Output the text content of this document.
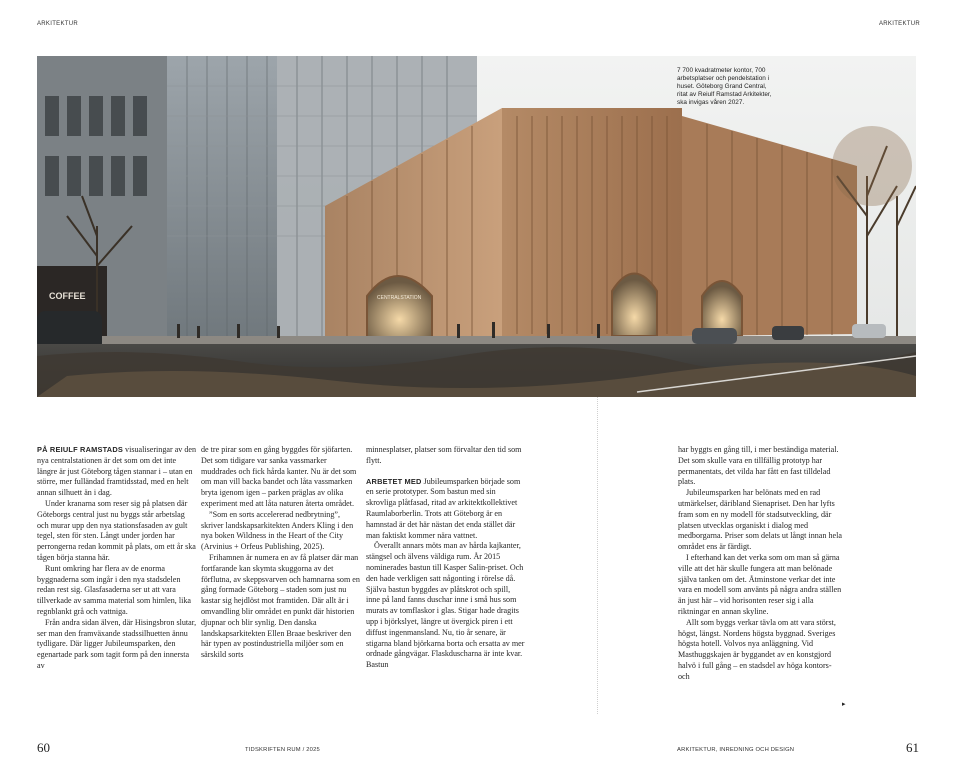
ARKITEKTUR	ARKITEKTUR
COFFEE	CENTRALSTATION
7 700 kvadratmeter kontor, 700 arbetsplatser och pendelstation i huset. Göteborg Grand Central, ritat av Reiulf Ramstad Arkitekter, ska invigas våren 2027.

PÅ REIULF RAMSTADS visualiseringar av den nya centralstationen är det som om det inte längre är just Göteborg tågen stannar i – utan en större, mer fulländad framtidsstad, med en helt annan silhuett än i dag.

Under kranarna som reser sig på platsen där Göteborgs central just nu byggs står arbetslag och murar upp den nya stationsfasaden av gult tegel, sten för sten. Långt under jorden har perrongerna redan kommit på plats, om ett år ska tågen börja stanna här.

Runt omkring har flera av de enorma byggnaderna som ingår i den nya stadsdelen redan rest sig. Glasfasaderna ser ut att vara tillverkade av samma material som himlen, lika regnblankt grå och vattniga.

Från andra sidan älven, där Hisingsbron slutar, ser man den framväxande stadssilhuetten ännu tydligare. Där ligger Jubileumsparken, den egenartade park som tagit form på den innersta av

de tre pirar som en gång byggdes för sjöfarten. Det som tidigare var sanka vassmarker muddrades och fick hårda kanter. Nu är det som om man vill backa bandet och låta vassmarken bryta igenom igen – parken präglas av olika experiment med att låta naturen återta området.

”Som en sorts accelererad nedbrytning”, skriver landskapsarkitekten Anders Kling i den nya boken Wildness in the Heart of the City (Arvinius + Orfeus Publishing, 2025).

Frihamnen är numera en av få platser där man fortfarande kan skymta skuggorna av det förflutna, av skeppsvarven och hamnarna som en gång formade Göteborg – staden som just nu kastar sig hejdlöst mot framtiden. Där allt är i omvandling blir området en punkt där historien djupnar och blir synlig. Den danska landskapsarkitekten Ellen Braae beskriver den här typen av postindustriella miljöer som en särskild sorts

minnesplatser, platser som förvaltar den tid som flytt.

ARBETET MED Jubileumsparken började som en serie prototyper. Som bastun med sin skrovliga plåtfasad, ritad av arkitektkollektivet Raumlaborberlin. Trots att Göteborg är en hamnstad är det här nästan det enda stället där man faktiskt kommer nära vattnet.

Överallt annars möts man av hårda kajkanter, stängsel och älvens väldiga rum. År 2015 nominerades bastun till Kasper Salin-priset. Och den hade verkligen satt någonting i rörelse då. Själva bastun byggdes av plåtskrot och spill, inne på land fanns duschar inne i små hus som murats av tomflaskor i glas. Stigar hade dragits upp i björkslyet, längre ut övergick piren i ett diffust ingenmansland. Nu, tio år senare, är stigarna bland björkarna borta och ersatta av mer ordnade gångvägar. Flaskduscharna är inte kvar. Bastun

har byggts en gång till, i mer beständiga material. Det som skulle vara en tillfällig prototyp har permanentats, det vilda har fått en fast tilldelad plats.

Jubileumsparken har belönats med en rad utmärkelser, däribland Sienapriset. Den har lyfts fram som en ny modell för stadsutveckling, där platsen utvecklas organiskt i dialog med medborgarna. Priser som delats ut långt innan hela området ens är färdigt.

I efterhand kan det verka som om man så gärna ville att det här skulle fungera att man belönade själva tanken om det. Åtminstone verkar det inte vara en modell som använts på några andra ställen än just här – vid horisonten reser sig i alla riktningar en annan skyline.

Allt som byggs verkar tävla om att vara störst, högst, längst. Nordens högsta byggnad. Sveriges högsta hotell. Volvos nya anläggning. Vid Masthuggskajen är byggandet av en konstgjord halvö i full gång – en stadsdel av höga kontors- och

▸
60	TIDSKRIFTEN RUM / 2025	ARKITEKTUR, INREDNING OCH DESIGN	61
